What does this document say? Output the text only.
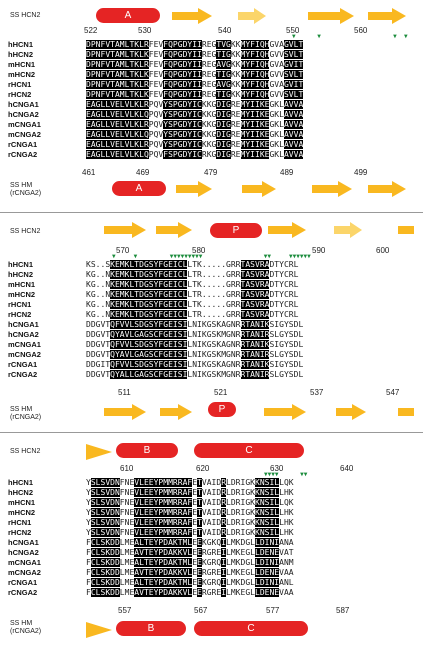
SS HCN2	A
522	530	540	550	560
▼      ▼                    ▼  ▼
hHCN1	DPNFVTAMLTKLRFEVFQPGDYIIREGTVGKKMYFIQHGVAGVLT
hHCN2	DPNFVTAMLTKLKFEVFQPGDYIIREGTIGKKMYFIQHGVVSVLT
mHCN1	DPNFVTAMLTKLRFEVFQPGDYIIREGAVGKKMYFIQHGVAGVIT
mHCN2	DPNFVTAMLTKLKFEVFQPGDYIIREGTIGKKMYFIQHGVVSVLT
rHCN1	DPNFVTAMLTKLRFEVFQPGDYIIREGAVGKKMYFIQHGVAGVIT
rHCN2	DPNFVTAMLTKLKFEVFQPGDYIIREGTIGKKMYFIQHGVVSVLT
hCNGA1	EAGLLVELVLKLRPQVYSPGDYICKKGDIGREMYIIKEGKLAVVA
hCNGA2	EAGLLVELVLKLQPQVYSPGDYICKKGDIGREMYIIKEGKLAVVA
mCNGA1	EAGLLVELVLKLRPQVYSPGDYICKKGDIGREMYIIKEGKLAVVA
mCNGA2	EAGLLVELVLKLQPQVYSPGDYICKKGDIGREMYIIKEGKLAVVA
rCNGA1	EAGLLVELVLKLRPQVYSPGDYICKKGDIGREMYIIKEGKLAVVA
rCNGA2	EAGLLVELVLKLQPQVFSPGDYICRKGDIGREMYIIKEGKLAVVA
461	469	479	489	499
SS HM
(rCNGA2)	A
SS HCN2	P
570	580	590	600
▼     ▼         ▼▼▼▼▼▼▼▼▼                 ▼▼     ▼▼▼▼▼▼
hHCN1	KS..SKEMKLTDGSYFGEICLLTK.....GRRTASVRADTYCRL
hHCN2	KG..NKEMKLTDGSYFGEICLLTR.....GRRTASVRADTYCRL
mHCN1	KG..NKEMKLTDGSYFGEICLLTK.....GRRTASVRADTYCRL
mHCN2	KG..NKEMKLTDGSYFGEICLLTR.....GRRTASVRADTYCRL
rHCN1	KG..NKEMKLTDGSYFGEICLLTK.....GRRTASVRADTYCRL
rHCN2	KG..NKEMKLTDGSYFGEICLLTR.....GRRTASVRADTYCRL
hCNGA1	DDGVTQFVVLSDGSYFGEISILNIKGSKAGNRRTANIKSIGYSDL
hCNGA2	DDGVTQYAVLGAGSCFGEISILNIKGSKMGNRRTANIRSLGYSDL
mCNGA1	DDGVTQFVVLSDGSYFGEISILNIKGSKAGNRRTANIKSIGYSDL
mCNGA2	DDGVTQYAVLGAGSCFGEISILNIKGSKMGNRRTANIRSLGYSDL
rCNGA1	DDGITQFVVLSDGSYFGEISILNIKGSKAGNRRTANIKSIGYSDL
rCNGA2	DDGVTQYALLGAGSCFGEISILNIKGSKMGNRRTANIRSLGYSDL
511	521	537	547
SS HM
(rCNGA2)
P
SS HCN2	B	C
610	620	630	640
▼▼▼▼      ▼▼
hHCN1	YSLSVDNFNEVLEEYPMMRRAFETVAIDRLDRIGKKNSILLQK
hHCN2	YSLSVDNFNEVLEEYPMMRRAFETVAIDRLDRIGKKNSILLHK
mHCN1	YSLSVDNFNEVLEEYPMMRRAFETVAIDRLDRIGKKNSILLQK
mHCN2	YSLSVDNFNEVLEEYPMMRRAFETVAIDRLDRIGKKNSILLHK
rHCN1	YSLSVDNFNEVLEEYPMMRRAFETVAIDRLDRIGKKNSILLHK
rHCN2	YSLSVDNFNEVLEEYPMMRRAFETVAIDRLDRIGKKNSILLHK
hCNGA1	FCLSKDDLMEALTEYPDAKTMLEEKGKQILMKDGLLDINIANA
hCNGA2	FCLSKDDLMEAVTEYPDAKKVLEERGREILMKEGLLDENEVAT
mCNGA1	FCLSKDDLMEALTEYPDAKTMLEEKGRQILMKDGLLDINIANM
mCNGA2	FCLSKDDLMEAVTEYPDAKKVLEERGREILMKEGLLDENEVAA
rCNGA1	FCLSKDDLMEALTEYPDAKTMLEEKGRQILMKDGLLDINIANL
rCNGA2	FCLSKDDLMEAVTEYPDAKKVLEERGREILMKEGLLDENEVAA
557	567	577	587
SS HM
(rCNGA2)	B	C
